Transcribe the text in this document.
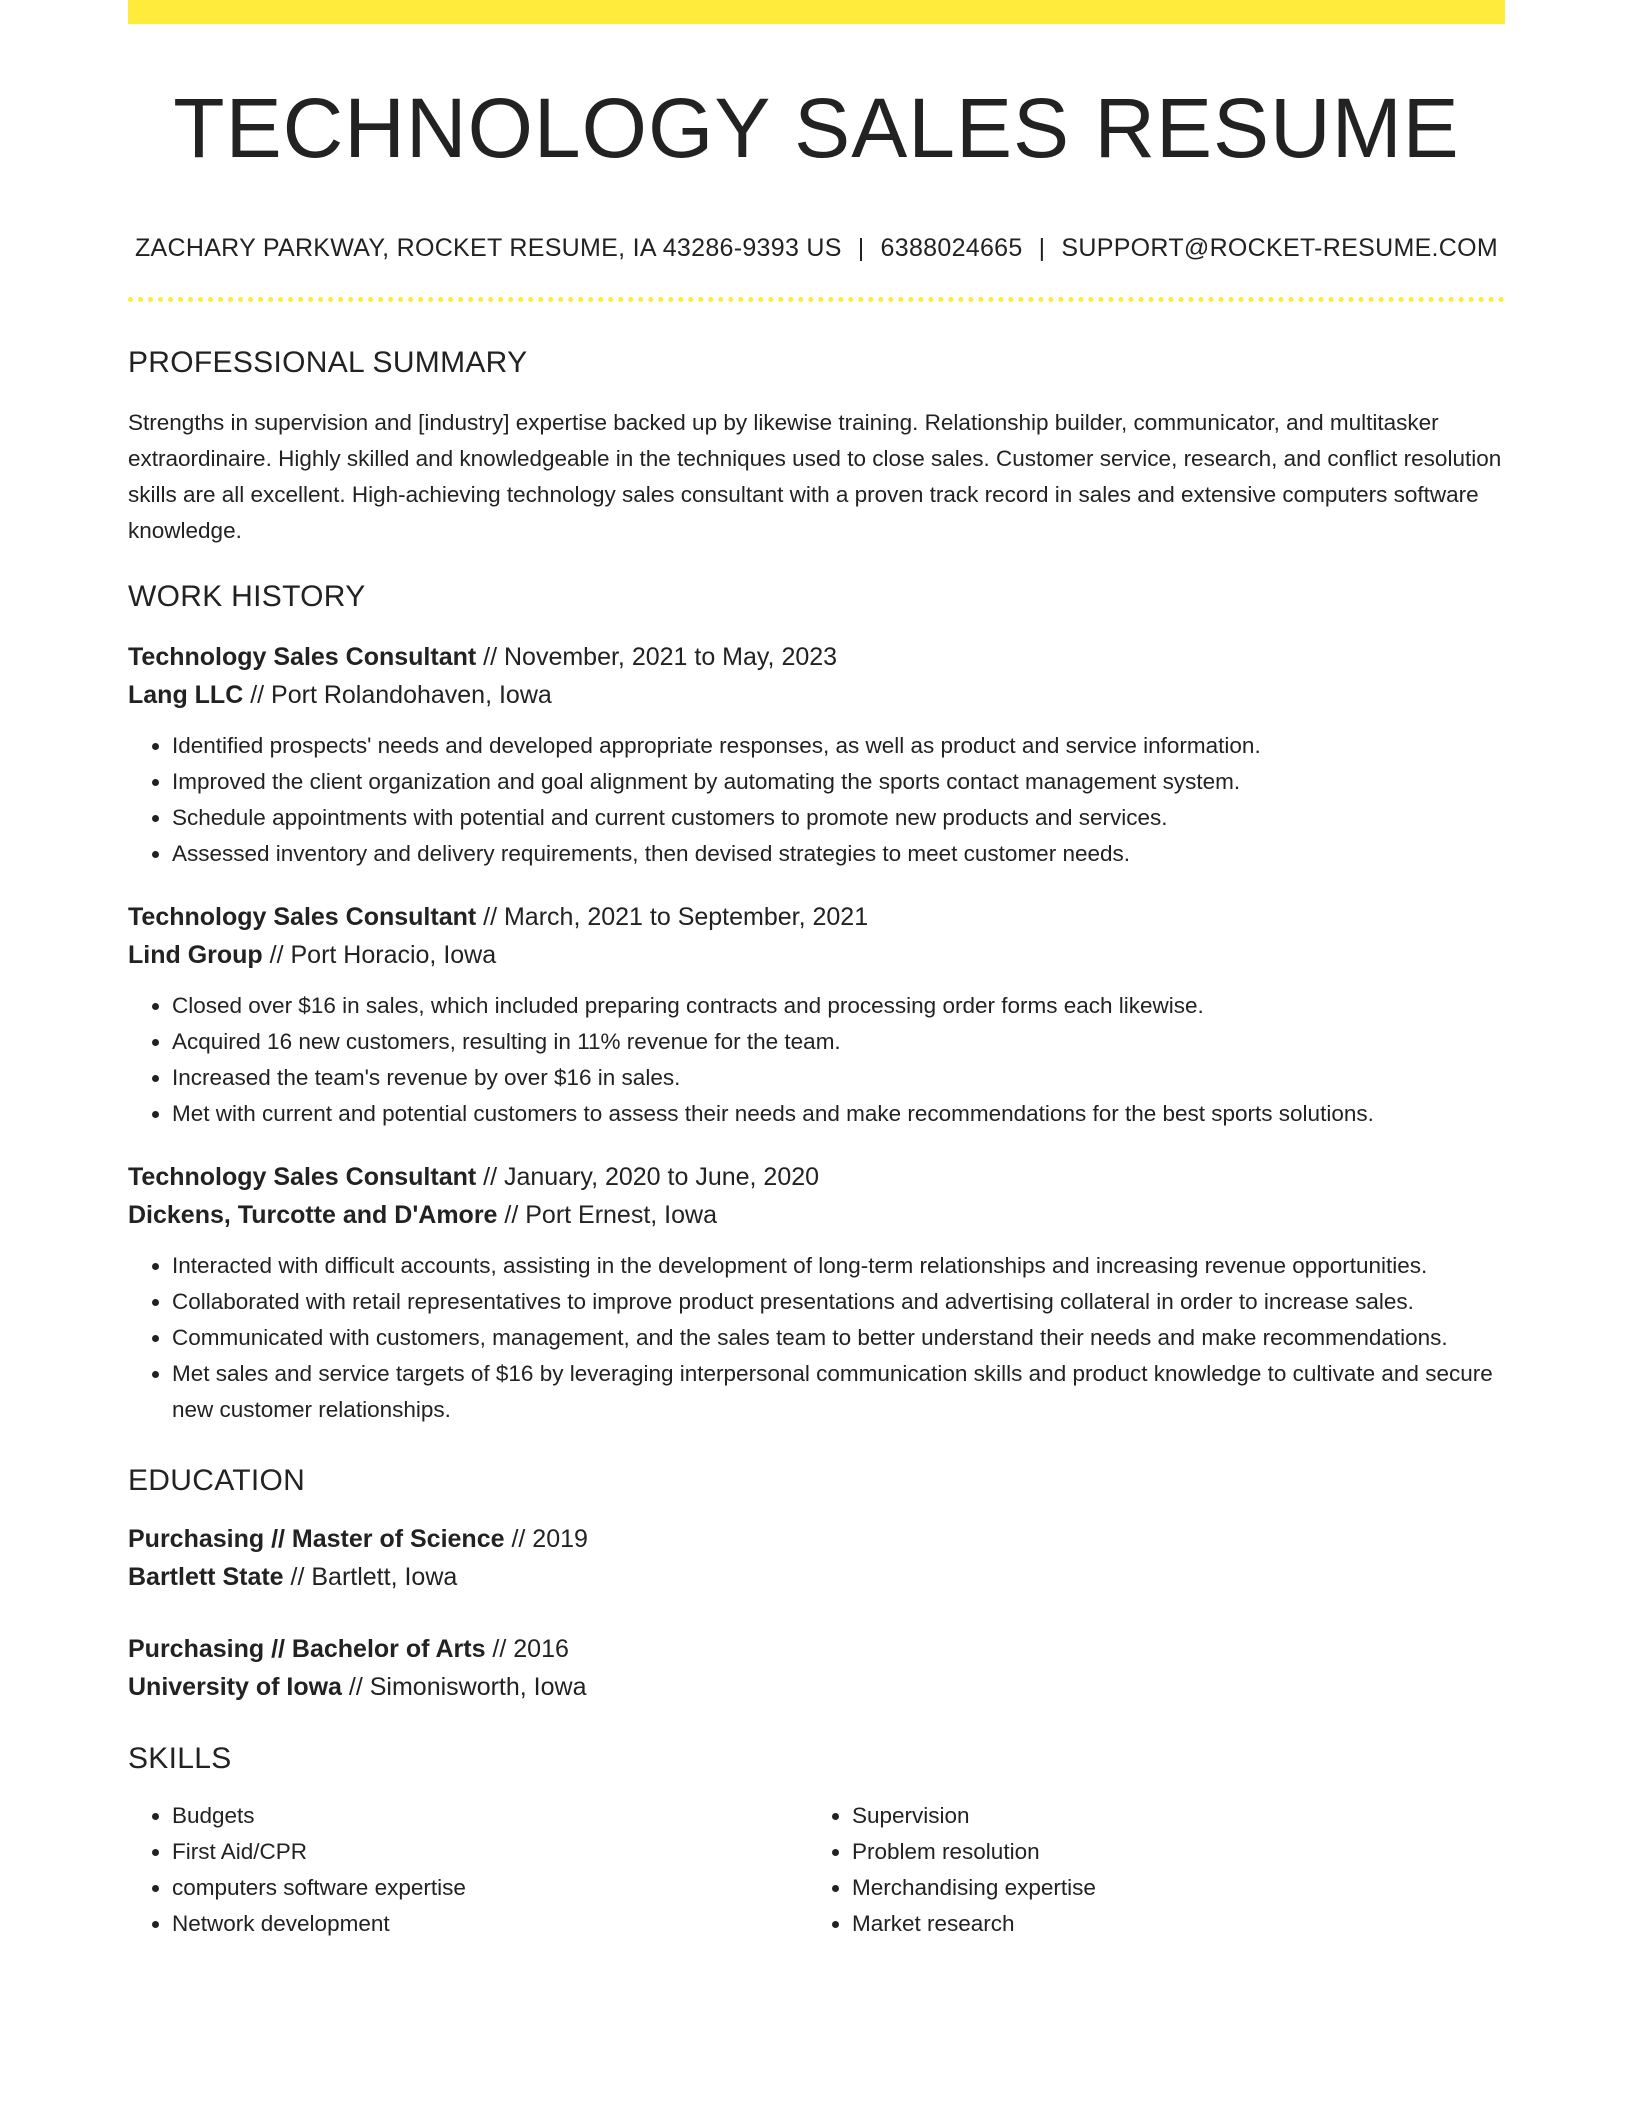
TECHNOLOGY SALES RESUME
ZACHARY PARKWAY, ROCKET RESUME, IA 43286-9393 US | 6388024665 | SUPPORT@ROCKET-RESUME.COM
PROFESSIONAL SUMMARY
Strengths in supervision and [industry] expertise backed up by likewise training. Relationship builder, communicator, and multitasker extraordinaire. Highly skilled and knowledgeable in the techniques used to close sales. Customer service, research, and conflict resolution skills are all excellent. High-achieving technology sales consultant with a proven track record in sales and extensive computers software knowledge.
WORK HISTORY
Technology Sales Consultant // November, 2021 to May, 2023
Lang LLC // Port Rolandohaven, Iowa
• Identified prospects' needs and developed appropriate responses, as well as product and service information.
• Improved the client organization and goal alignment by automating the sports contact management system.
• Schedule appointments with potential and current customers to promote new products and services.
• Assessed inventory and delivery requirements, then devised strategies to meet customer needs.
Technology Sales Consultant // March, 2021 to September, 2021
Lind Group // Port Horacio, Iowa
• Closed over $16 in sales, which included preparing contracts and processing order forms each likewise.
• Acquired 16 new customers, resulting in 11% revenue for the team.
• Increased the team's revenue by over $16 in sales.
• Met with current and potential customers to assess their needs and make recommendations for the best sports solutions.
Technology Sales Consultant // January, 2020 to June, 2020
Dickens, Turcotte and D'Amore // Port Ernest, Iowa
• Interacted with difficult accounts, assisting in the development of long-term relationships and increasing revenue opportunities.
• Collaborated with retail representatives to improve product presentations and advertising collateral in order to increase sales.
• Communicated with customers, management, and the sales team to better understand their needs and make recommendations.
• Met sales and service targets of $16 by leveraging interpersonal communication skills and product knowledge to cultivate and secure new customer relationships.
EDUCATION
Purchasing // Master of Science // 2019
Bartlett State // Bartlett, Iowa
Purchasing // Bachelor of Arts // 2016
University of Iowa // Simonisworth, Iowa
SKILLS
• Budgets
• First Aid/CPR
• computers software expertise
• Network development
• Supervision
• Problem resolution
• Merchandising expertise
• Market research
